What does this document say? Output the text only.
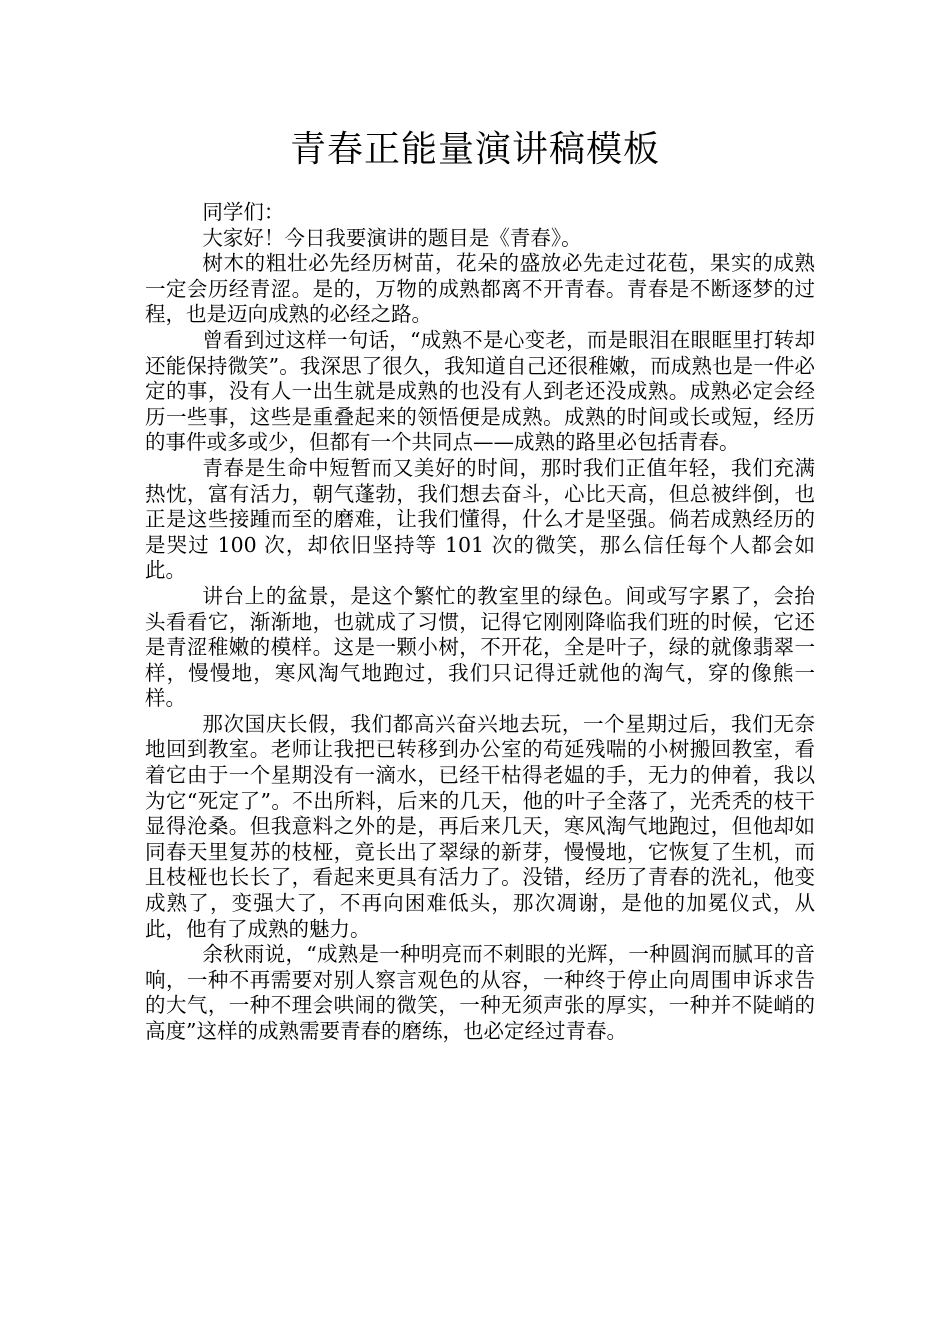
青春正能量演讲稿模板

同学们：

大家好！今日我要演讲的题目是《青春》。

树木的粗壮必先经历树苗，花朵的盛放必先走过花苞，果实的成熟一定会历经青涩。是的，万物的成熟都离不开青春。青春是不断逐梦的过程，也是迈向成熟的必经之路。

曾看到过这样一句话，“成熟不是心变老，而是眼泪在眼眶里打转却还能保持微笑”。我深思了很久，我知道自己还很稚嫩，而成熟也是一件必定的事，没有人一出生就是成熟的也没有人到老还没成熟。成熟必定会经历一些事，这些是重叠起来的领悟便是成熟。成熟的时间或长或短，经历的事件或多或少，但都有一个共同点——成熟的路里必包括青春。

青春是生命中短暂而又美好的时间，那时我们正值年轻，我们充满热忱，富有活力，朝气蓬勃，我们想去奋斗，心比天高，但总被绊倒，也正是这些接踵而至的磨难，让我们懂得，什么才是坚强。倘若成熟经历的是哭过 100 次，却依旧坚持等 101 次的微笑，那么信任每个人都会如此。

讲台上的盆景，是这个繁忙的教室里的绿色。间或写字累了，会抬头看看它，渐渐地，也就成了习惯，记得它刚刚降临我们班的时候，它还是青涩稚嫩的模样。这是一颗小树，不开花，全是叶子，绿的就像翡翠一样，慢慢地，寒风淘气地跑过，我们只记得迁就他的淘气，穿的像熊一样。

那次国庆长假，我们都高兴奋兴地去玩，一个星期过后，我们无奈地回到教室。老师让我把已转移到办公室的苟延残喘的小树搬回教室，看着它由于一个星期没有一滴水，已经干枯得老媪的手，无力的伸着，我以为它“死定了”。不出所料，后来的几天，他的叶子全落了，光秃秃的枝干显得沧桑。但我意料之外的是，再后来几天，寒风淘气地跑过，但他却如同春天里复苏的枝桠，竟长出了翠绿的新芽，慢慢地，它恢复了生机，而且枝桠也长长了，看起来更具有活力了。没错，经历了青春的洗礼，他变成熟了，变强大了，不再向困难低头，那次凋谢，是他的加冕仪式，从此，他有了成熟的魅力。

余秋雨说，“成熟是一种明亮而不刺眼的光辉，一种圆润而腻耳的音响，一种不再需要对别人察言观色的从容，一种终于停止向周围申诉求告的大气，一种不理会哄闹的微笑，一种无须声张的厚实，一种并不陡峭的高度”这样的成熟需要青春的磨练，也必定经过青春。
